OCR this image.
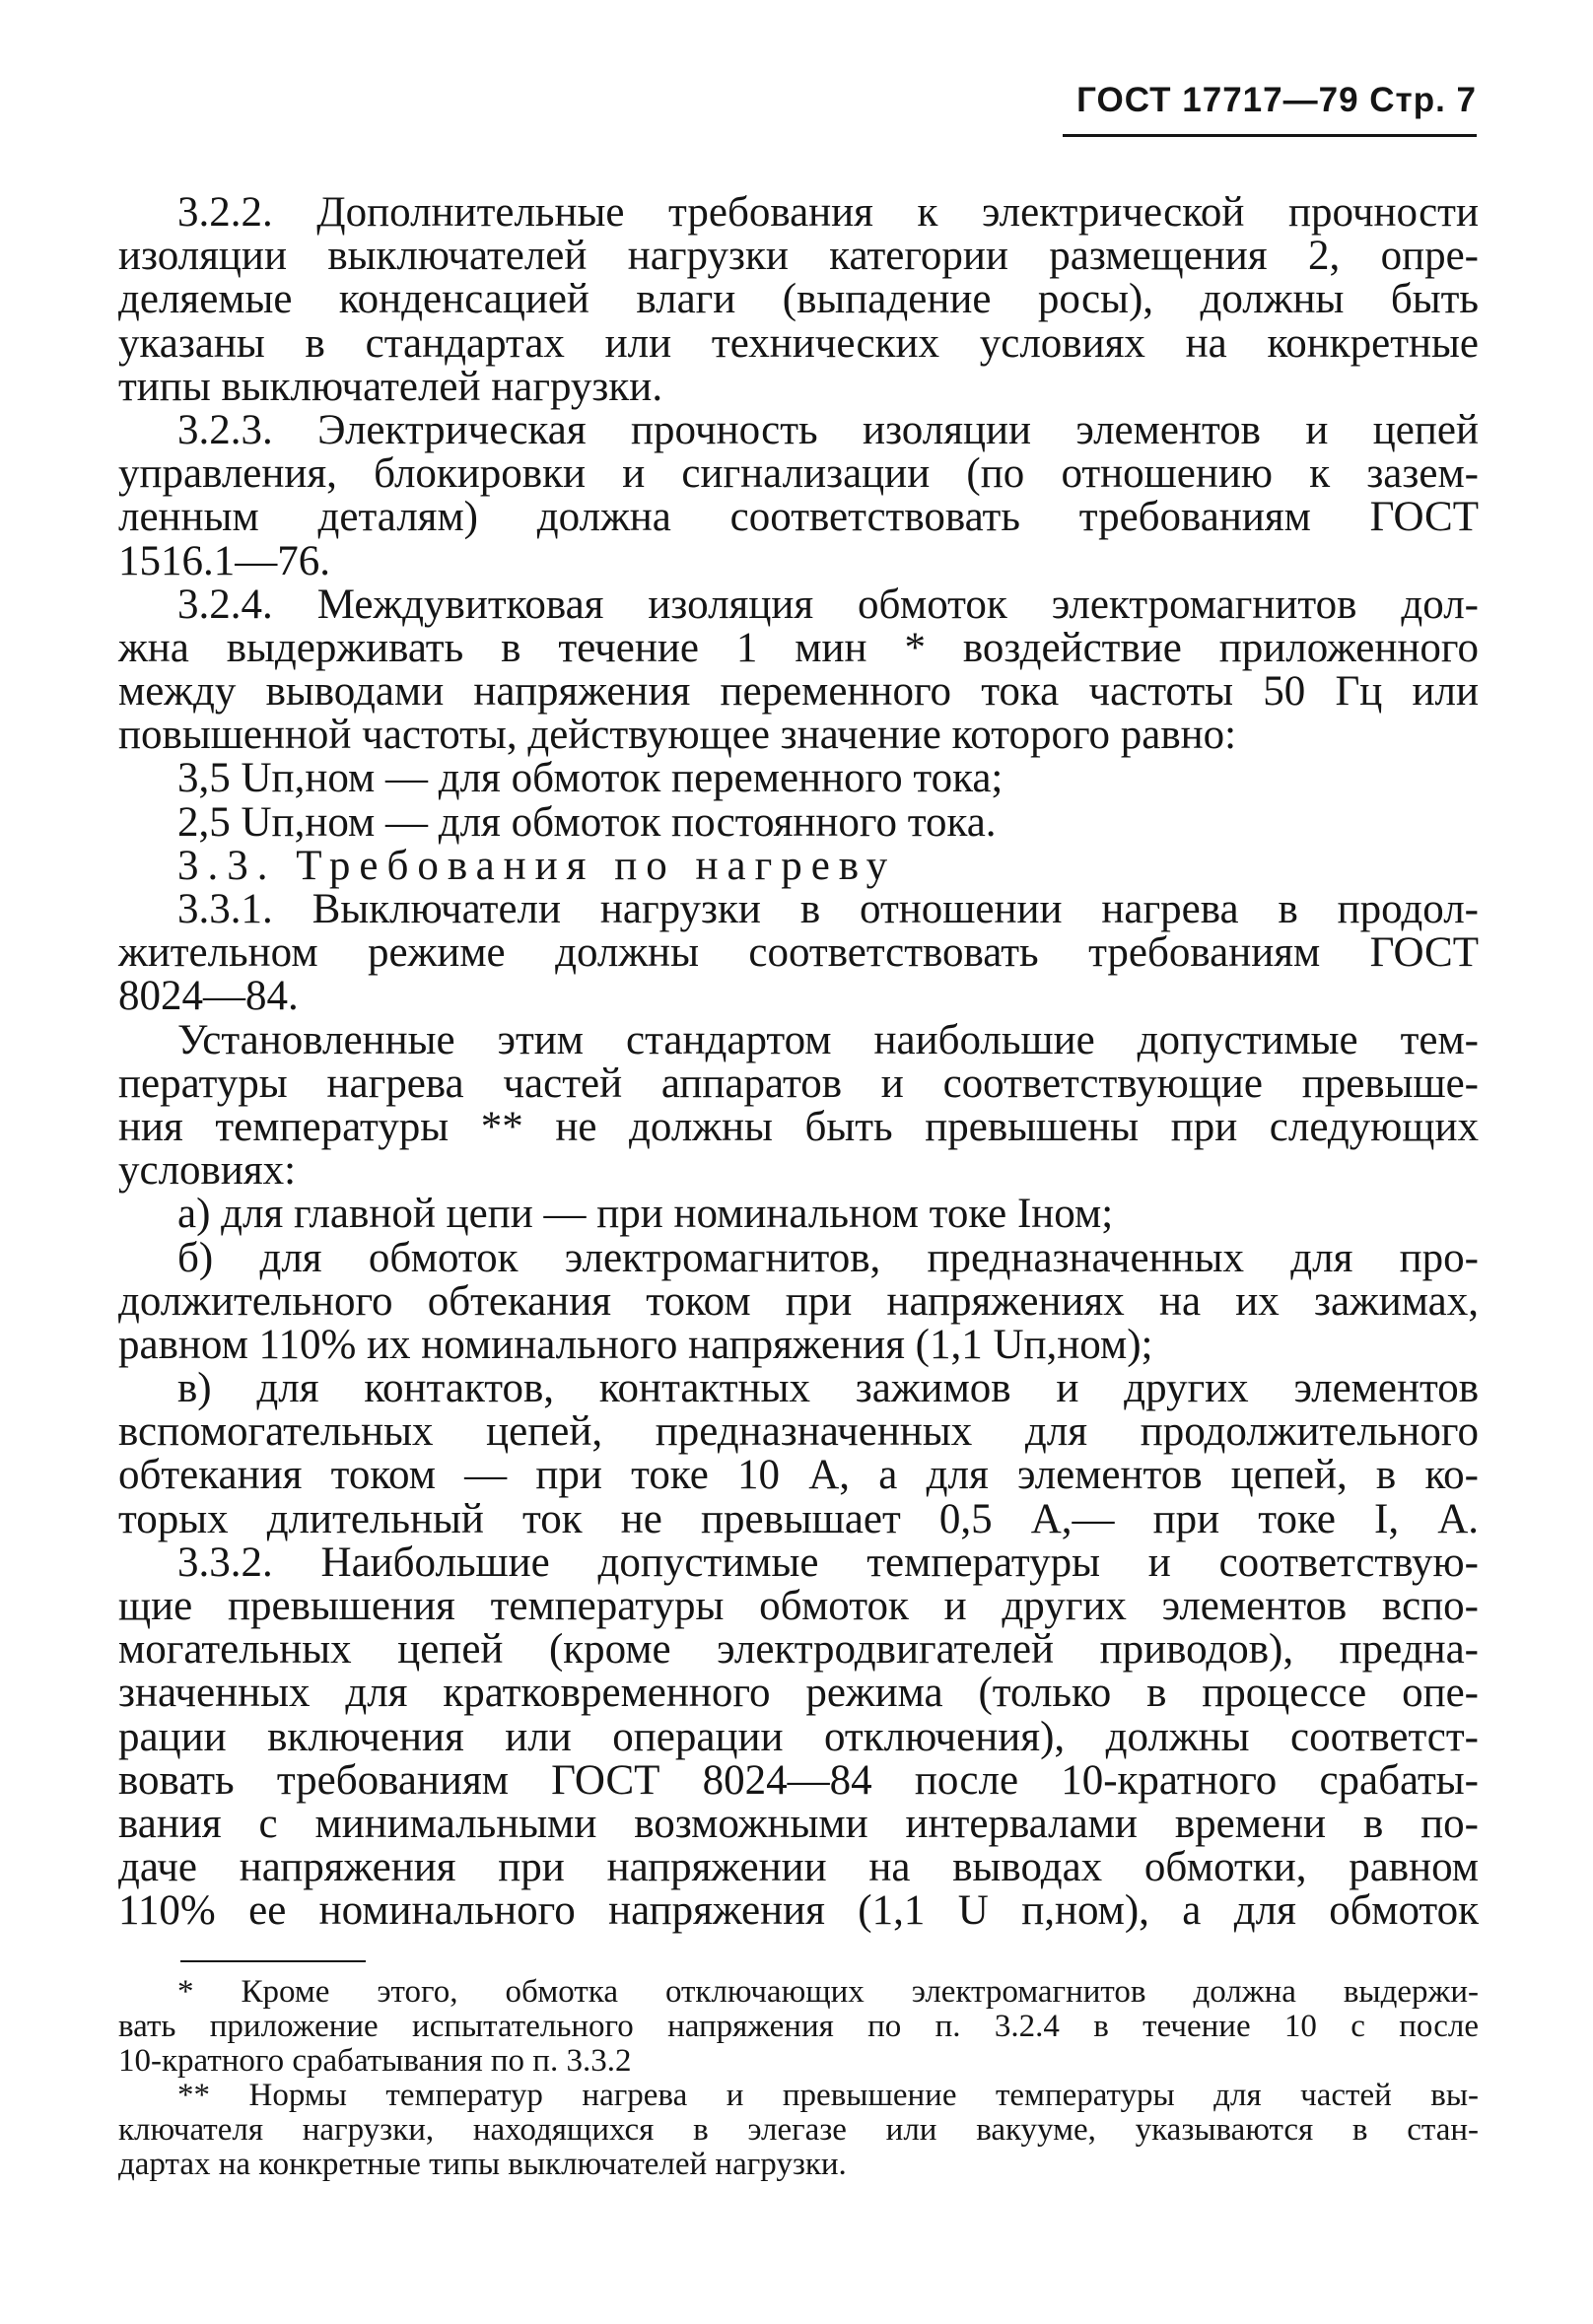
ГОСТ 17717—79 Стр. 7
3.2.2. Дополнительные требования к электрической прочности
изоляции выключателей нагрузки категории размещения 2, опре-
деляемые конденсацией влаги (выпадение росы), должны быть
указаны в стандартах или технических условиях на конкретные
типы выключателей нагрузки.
3.2.3. Электрическая прочность изоляции элементов и цепей
управления, блокировки и сигнализации (по отношению к зазем-
ленным деталям) должна соответствовать требованиям ГОСТ
1516.1—76.
3.2.4. Междувитковая изоляция обмоток электромагнитов дол-
жна выдерживать в течение 1 мин * воздействие приложенного
между выводами напряжения переменного тока частоты 50 Гц или
повышенной частоты, действующее значение которого равно:
3,5 Uп,ном — для обмоток переменного тока;
2,5 Uп,ном — для обмоток постоянного тока.
3.3. Требования по нагреву
3.3.1. Выключатели нагрузки в отношении нагрева в продол-
жительном режиме должны соответствовать требованиям ГОСТ
8024—84.
Установленные этим стандартом наибольшие допустимые тем-
пературы нагрева частей аппаратов и соответствующие превыше-
ния температуры ** не должны быть превышены при следующих
условиях:
а) для главной цепи — при номинальном токе Iном;
б) для обмоток электромагнитов, предназначенных для про-
должительного обтекания током при напряжениях на их зажимах,
равном 110% их номинального напряжения (1,1 Uп,ном);
в) для контактов, контактных зажимов и других элементов
вспомогательных цепей, предназначенных для продолжительного
обтекания током — при токе 10 А, а для элементов цепей, в ко-
торых длительный ток не превышает 0,5 А,— при токе I, А.
3.3.2. Наибольшие допустимые температуры и соответствую-
щие превышения температуры обмоток и других элементов вспо-
могательных цепей (кроме электродвигателей приводов), предна-
значенных для кратковременного режима (только в процессе опе-
рации включения или операции отключения), должны соответст-
вовать требованиям ГОСТ 8024—84 после 10-кратного срабаты-
вания с минимальными возможными интервалами времени в по-
даче напряжения при напряжении на выводах обмотки, равном
110% ее номинального напряжения (1,1 U п,ном), а для обмоток
* Кроме этого, обмотка отключающих электромагнитов должна выдержи-
вать приложение испытательного напряжения по п. 3.2.4 в течение 10 с после
10-кратного срабатывания по п. 3.3.2
** Нормы температур нагрева и превышение температуры для частей вы-
ключателя нагрузки, находящихся в элегазе или вакууме, указываются в стан-
дартах на конкретные типы выключателей нагрузки.
